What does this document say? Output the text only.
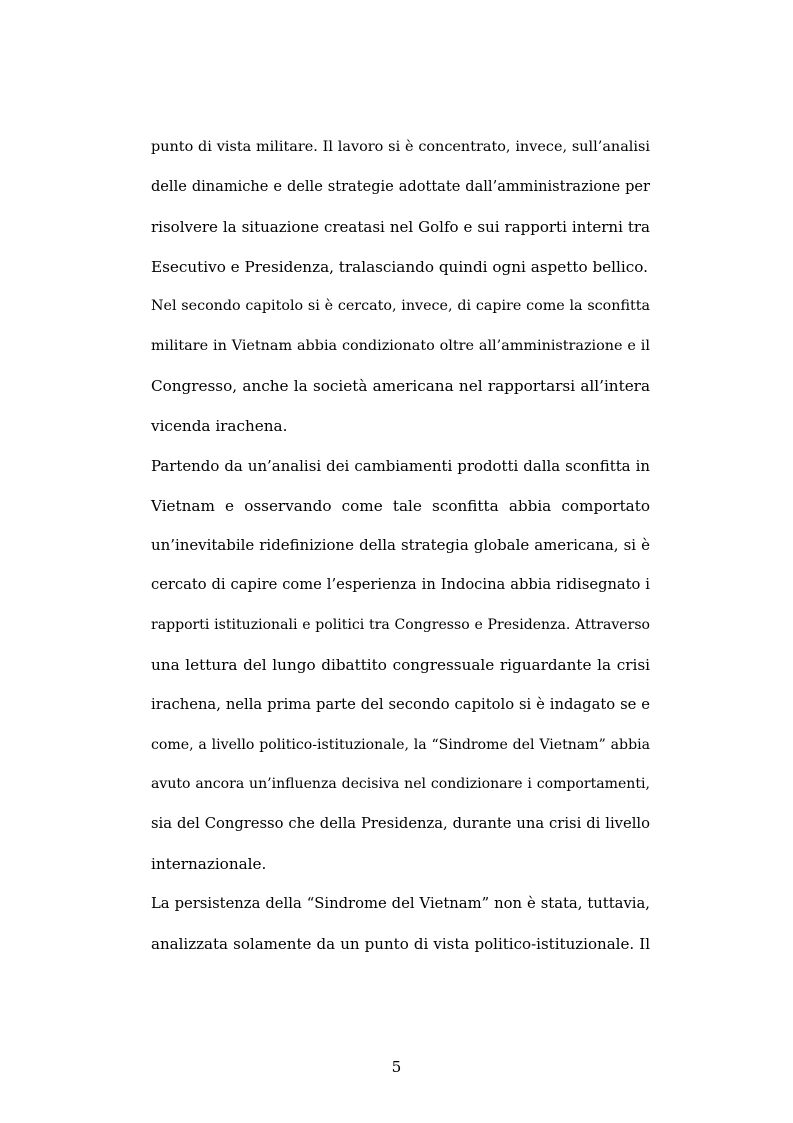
punto di vista militare. Il lavoro si è concentrato, invece, sull’analisi
delle dinamiche e delle strategie adottate dall’amministrazione per
risolvere la situazione creatasi nel Golfo e sui rapporti interni tra
Esecutivo e Presidenza, tralasciando quindi ogni aspetto bellico.
Nel secondo capitolo si è cercato, invece, di capire come la sconfitta
militare in Vietnam abbia condizionato oltre all’amministrazione e il
Congresso, anche la società americana nel rapportarsi all’intera
vicenda irachena.
Partendo da un’analisi dei cambiamenti prodotti dalla sconfitta in
Vietnam e osservando come tale sconfitta abbia comportato
un’inevitabile ridefinizione della strategia globale americana, si è
cercato di capire come l’esperienza in Indocina abbia ridisegnato i
rapporti istituzionali e politici tra Congresso e Presidenza. Attraverso
una lettura del lungo dibattito congressuale riguardante la crisi
irachena, nella prima parte del secondo capitolo si è indagato se e
come, a livello politico-istituzionale, la “Sindrome del Vietnam” abbia
avuto ancora un’influenza decisiva nel condizionare i comportamenti,
sia del Congresso che della Presidenza, durante una crisi di livello
internazionale.
La persistenza della “Sindrome del Vietnam” non è stata, tuttavia,
analizzata solamente da un punto di vista politico-istituzionale. Il
5
